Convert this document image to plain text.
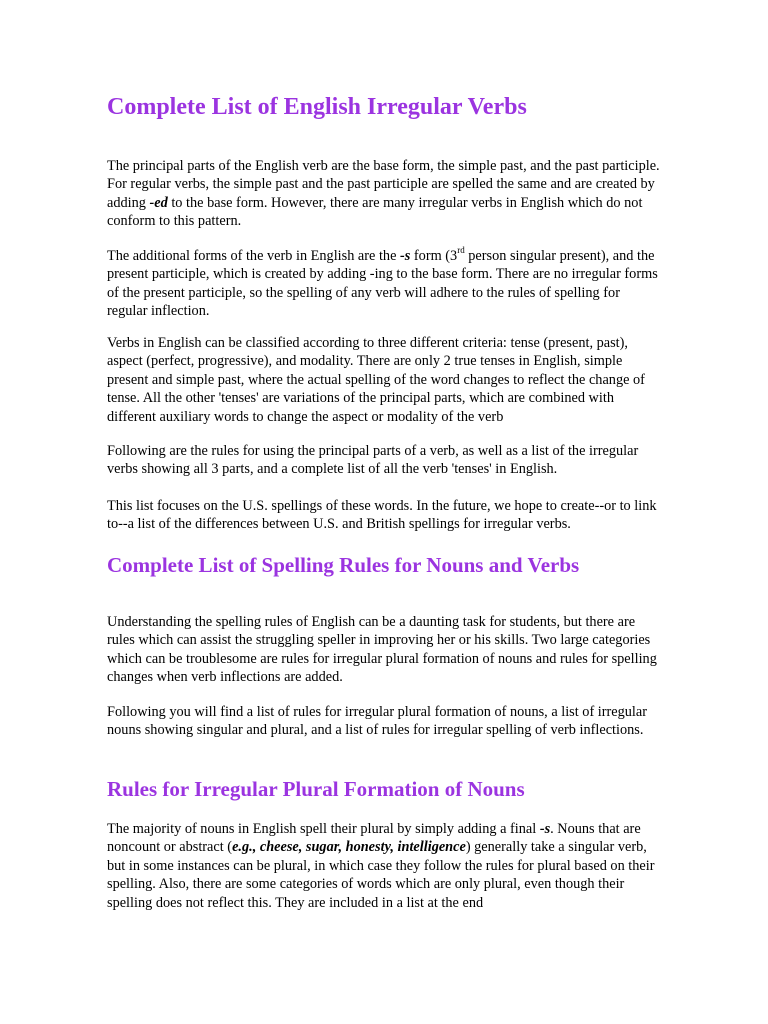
Complete List of English Irregular Verbs

The principal parts of the English verb are the base form, the simple past, and the past participle. For regular verbs, the simple past and the past participle are spelled the same and are created by adding -ed to the base form. However, there are many irregular verbs in English which do not conform to this pattern.

The additional forms of the verb in English are the -s form (3rd person singular present), and the present participle, which is created by adding -ing to the base form. There are no irregular forms of the present participle, so the spelling of any verb will adhere to the rules of spelling for regular inflection.

Verbs in English can be classified according to three different criteria: tense (present, past), aspect (perfect, progressive), and modality. There are only 2 true tenses in English, simple present and simple past, where the actual spelling of the word changes to reflect the change of tense. All the other 'tenses' are variations of the principal parts, which are combined with different auxiliary words to change the aspect or modality of the verb

Following are the rules for using the principal parts of a verb, as well as a list of the irregular verbs showing all 3 parts, and a complete list of all the verb 'tenses' in English.

This list focuses on the U.S. spellings of these words. In the future, we hope to create--or to link to--a list of the differences between U.S. and British spellings for irregular verbs.

Complete List of Spelling Rules for Nouns and Verbs

Understanding the spelling rules of English can be a daunting task for students, but there are rules which can assist the struggling speller in improving her or his skills. Two large categories which can be troublesome are rules for irregular plural formation of nouns and rules for spelling changes when verb inflections are added.

Following you will find a list of rules for irregular plural formation of nouns, a list of irregular nouns showing singular and plural, and a list of rules for irregular spelling of verb inflections.

Rules for Irregular Plural Formation of Nouns

The majority of nouns in English spell their plural by simply adding a final -s. Nouns that are noncount or abstract (e.g., cheese, sugar, honesty, intelligence) generally take a singular verb, but in some instances can be plural, in which case they follow the rules for plural based on their spelling. Also, there are some categories of words which are only plural, even though their spelling does not reflect this. They are included in a list at the end
